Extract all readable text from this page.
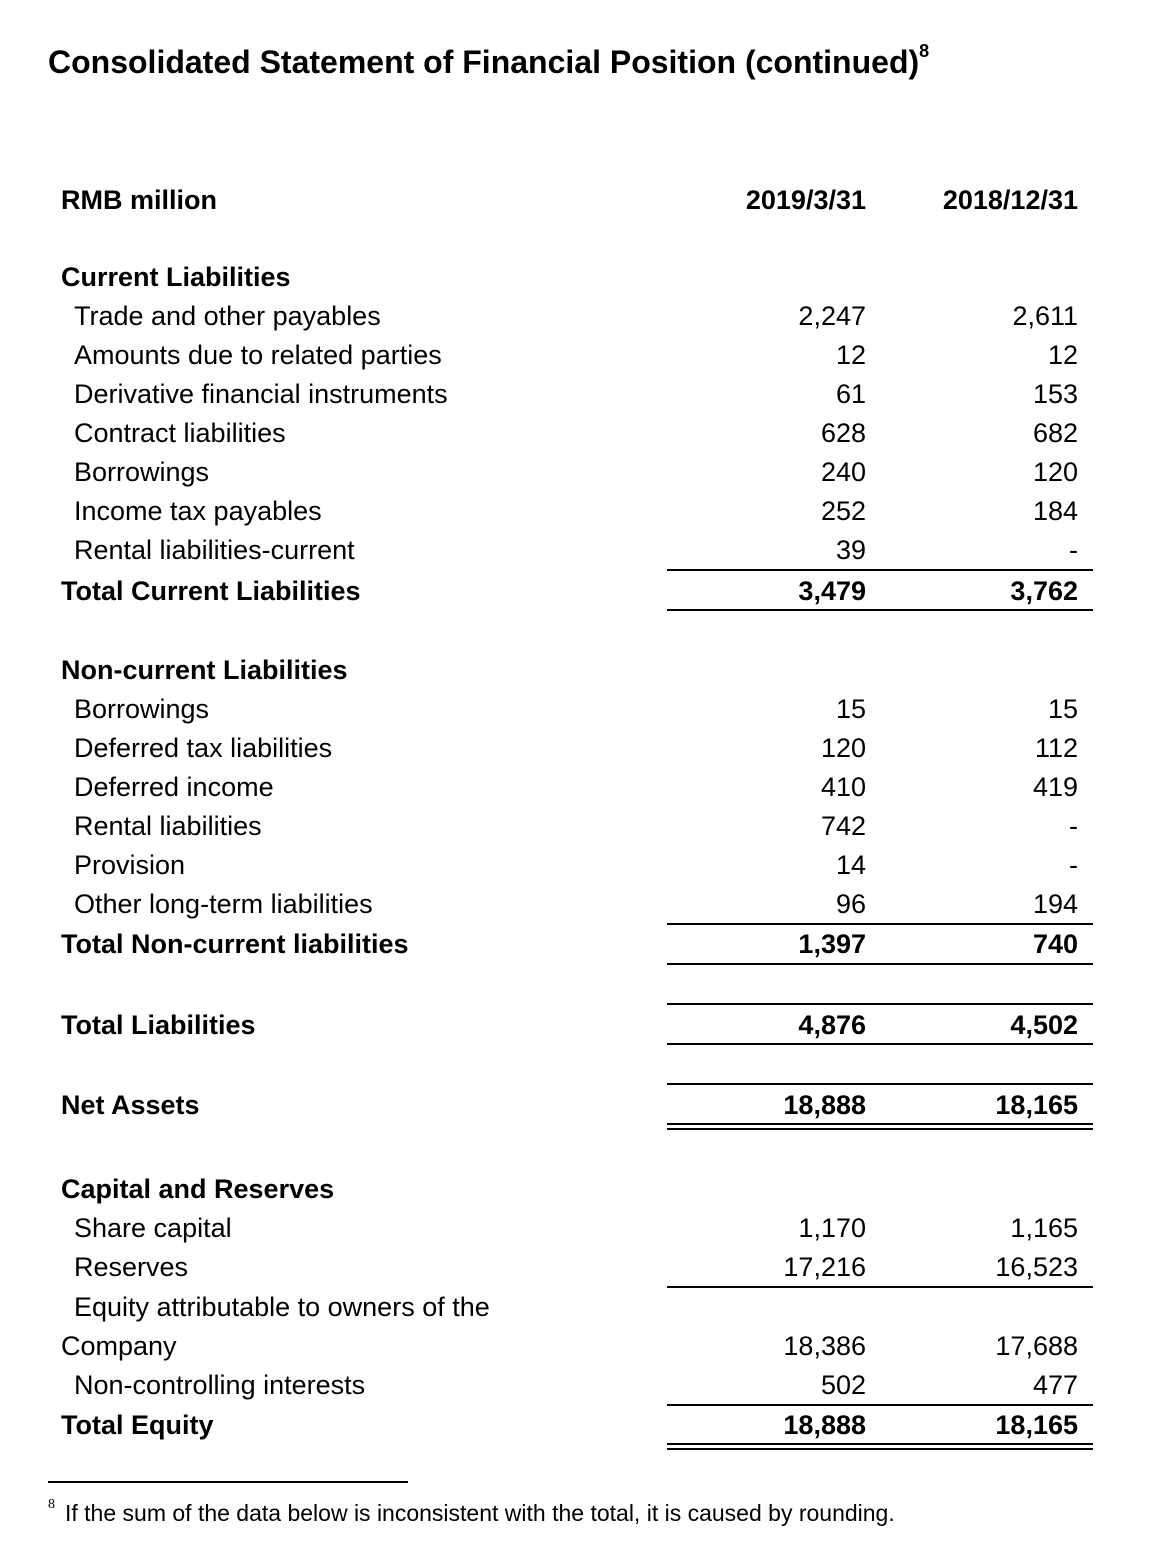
Consolidated Statement of Financial Position (continued)$^8$
RMB million	2019/3/31	2018/12/31
Current Liabilities
Trade and other payables	2,247	2,611
Amounts due to related parties	12	12
Derivative financial instruments	61	153
Contract liabilities	628	682
Borrowings	240	120
Income tax payables	252	184
Rental liabilities-current	39	-
Total Current Liabilities	3,479	3,762
Non-current Liabilities
Borrowings	15	15
Deferred tax liabilities	120	112
Deferred income	410	419
Rental liabilities	742	-
Provision	14	-
Other long-term liabilities	96	194
Total Non-current liabilities	1,397	740
Total Liabilities	4,876	4,502
Net Assets	18,888	18,165
Capital and Reserves
Share capital	1,170	1,165
Reserves	17,216	16,523
Equity attributable to owners of the
Company	18,386	17,688
Non-controlling interests	502	477
Total Equity	18,888	18,165
$^8$ If the sum of the data below is inconsistent with the total, it is caused by rounding.
